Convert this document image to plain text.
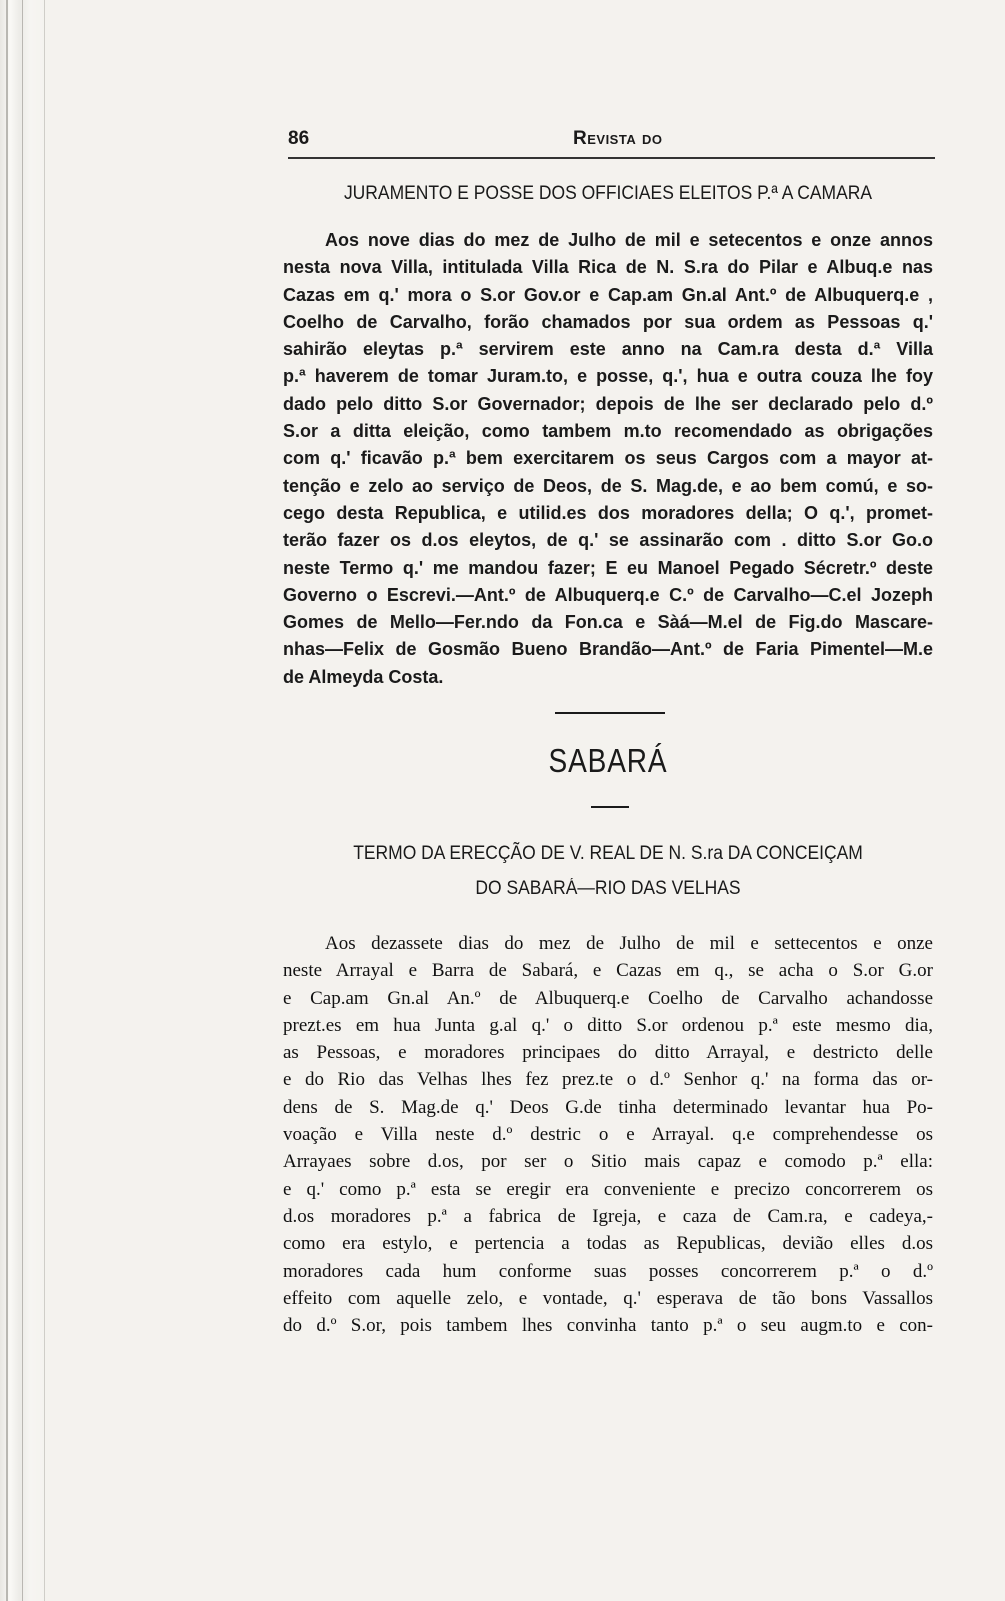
86	Revista do
JURAMENTO E POSSE DOS OFFICIAES ELEITOS P.ª A CAMARA
Aos nove dias do mez de Julho de mil e setecentos e onze annos
nesta nova Villa, intitulada Villa Rica de N. S.ra do Pilar e Albuq.e nas
Cazas em q.' mora o S.or Gov.or e Cap.am Gn.al Ant.º de Albuquerq.e ,
Coelho de Carvalho, forão chamados por sua ordem as Pessoas q.'
sahirão eleytas p.ª servirem este anno na Cam.ra desta d.ª Villa
p.ª haverem de tomar Juram.to, e posse, q.', hua e outra couza lhe foy
dado pelo ditto S.or Governador; depois de lhe ser declarado pelo d.º
S.or a ditta eleição, como tambem m.to recomendado as obrigações
com q.' ficavão p.ª bem exercitarem os seus Cargos com a mayor at-
tenção e zelo ao serviço de Deos, de S. Mag.de, e ao bem comú, e so-
cego desta Republica, e utilid.es dos moradores della; O q.', promet-
terão fazer os d.os eleytos, de q.' se assinarão com . ditto S.or Go.o
neste Termo q.' me mandou fazer; E eu Manoel Pegado Sécretr.º deste
Governo o Escrevi.—Ant.º de Albuquerq.e C.º de Carvalho—C.el Jozeph
Gomes de Mello—Fer.ndo da Fon.ca e Sàá—M.el de Fig.do Mascare-
nhas—Felix de Gosmão Bueno Brandão—Ant.º de Faria Pimentel—M.e
de Almeyda Costa.
SABARÁ
TERMO DA ERECÇÃO DE V. REAL DE N. S.ra DA CONCEIÇAM
DO SABARÁ—RIO DAS VELHAS
Aos dezassete dias do mez de Julho de mil e settecentos e onze
neste Arrayal e Barra de Sabará, e Cazas em q., se acha o S.or G.or
e Cap.am Gn.al An.º de Albuquerq.e Coelho de Carvalho achandosse
prezt.es em hua Junta g.al q.' o ditto S.or ordenou p.ª este mesmo dia,
as Pessoas, e moradores principaes do ditto Arrayal, e destricto delle
e do Rio das Velhas lhes fez prez.te o d.º Senhor q.' na forma das or-
dens de S. Mag.de q.' Deos G.de tinha determinado levantar hua Po-
voação e Villa neste d.º destric o e Arrayal. q.e comprehendesse os
Arrayaes sobre d.os, por ser o Sitio mais capaz e comodo p.ª ella:
e q.' como p.ª esta se eregir era conveniente e precizo concorrerem os
d.os moradores p.ª a fabrica de Igreja, e caza de Cam.ra, e cadeya,-
como era estylo, e pertencia a todas as Republicas, devião elles d.os
moradores cada hum conforme suas posses concorrerem p.ª o d.º
effeito com aquelle zelo, e vontade, q.' esperava de tão bons Vassallos
do d.º S.or, pois tambem lhes convinha tanto p.ª o seu augm.to e con-
